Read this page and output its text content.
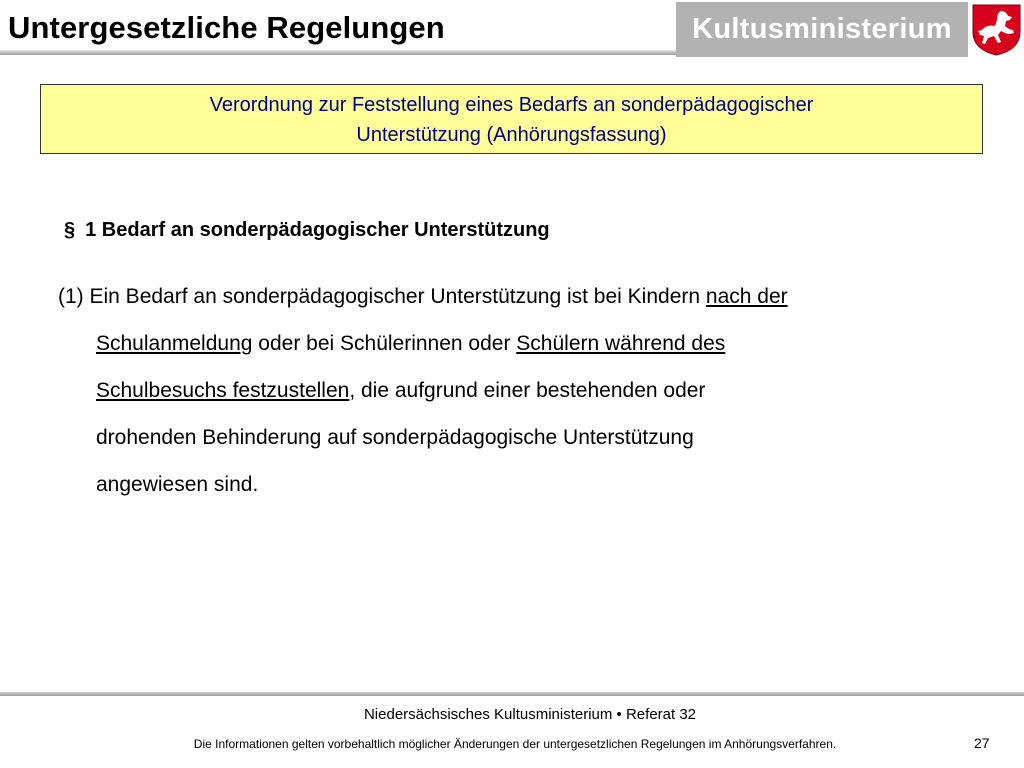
Untergesetzliche Regelungen	Kultusministerium
Verordnung zur Feststellung eines Bedarfs an sonderpädagogischer
Unterstützung (Anhörungsfassung)
§ 1 Bedarf an sonderpädagogischer Unterstützung
(1) Ein Bedarf an sonderpädagogischer Unterstützung ist bei Kindern nach der
Schulanmeldung oder bei Schülerinnen oder Schülern während des
Schulbesuchs festzustellen, die aufgrund einer bestehenden oder
drohenden Behinderung auf sonderpädagogische Unterstützung
angewiesen sind.
Niedersächsisches Kultusministerium • Referat 32
Die Informationen gelten vorbehaltlich möglicher Änderungen der untergesetzlichen Regelungen im Anhörungsverfahren.	27
